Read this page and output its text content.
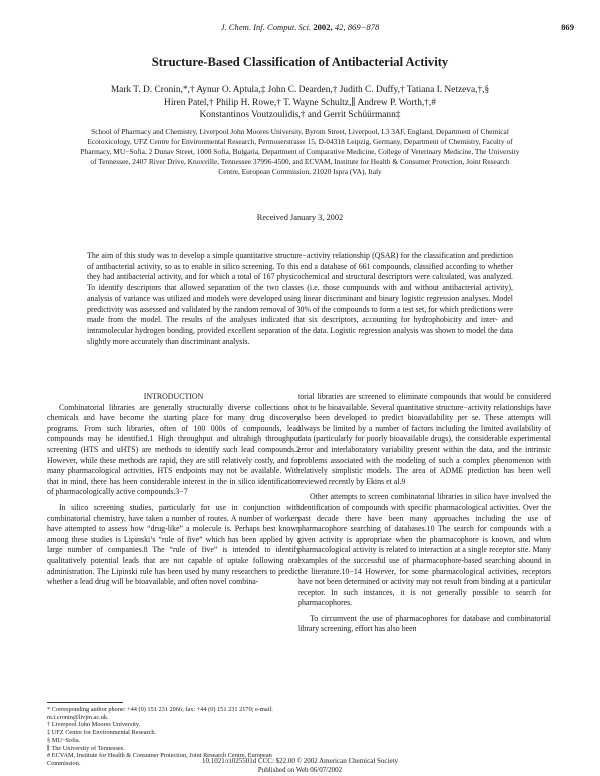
J. Chem. Inf. Comput. Sci. 2002, 42, 869−878	869
Structure-Based Classification of Antibacterial Activity
Mark T. D. Cronin,*,† Aynur O. Aptula,‡ John C. Dearden,† Judith C. Duffy,† Tatiana I. Netzeva,†,§
Hiren Patel,† Philip H. Rowe,† T. Wayne Schultz,∥ Andrew P. Worth,†,#
Konstantinos Voutzoulidis,† and Gerrit Schüürmann‡
School of Pharmacy and Chemistry, Liverpool John Moores University, Byrom Street, Liverpool, L3 3AF, England, Department of Chemical Ecotoxicology, UFZ Centre for Environmental Research, Permoserstrasse 15, D-04318 Leipzig, Germany, Department of Chemistry, Faculty of Pharmacy, MU−Sofia, 2 Dunav Street, 1000 Sofia, Bulgaria, Department of Comparative Medicine, College of Veterinary Medicine, The University of Tennessee, 2407 River Drive, Knoxville, Tennessee 37996-4500, and ECVAM, Institute for Health & Consumer Protection, Joint Research Centre, European Commission, 21020 Ispra (VA), Italy
Received January 3, 2002
The aim of this study was to develop a simple quantitative structure−activity relationship (QSAR) for the classification and prediction of antibacterial activity, so as to enable in silico screening. To this end a database of 661 compounds, classified according to whether they had antibacterial activity, and for which a total of 167 physicochemical and structural descriptors were calculated, was analyzed. To identify descriptors that allowed separation of the two classes (i.e. those compounds with and without antibacterial activity), analysis of variance was utilized and models were developed using linear discriminant and binary logistic regression analyses. Model predictivity was assessed and validated by the random removal of 30% of the compounds to form a test set, for which predictions were made from the model. The results of the analyses indicated that six descriptors, accounting for hydrophobicity and inter- and intramolecular hydrogen bonding, provided excellent separation of the data. Logistic regression analysis was shown to model the data slightly more accurately than discriminant analysis.

INTRODUCTION

Combinatorial libraries are generally structurally diverse collections of chemicals and have become the starting place for many drug discovery programs. From such libraries, often of 100 000s of compounds, lead compounds may be identified.1 High throughput and ultrahigh throughput screening (HTS and uHTS) are methods to identify such lead compounds.2 However, while these methods are rapid, they are still relatively costly, and for many pharmacological activities, HTS endpoints may not be available. With that in mind, there has been considerable interest in the in silico identification of pharmacologically active compounds.3−7

In silico screening studies, particularly for use in conjunction with combinatorial chemistry, have taken a number of routes. A number of workers have attempted to assess how “drug-like” a molecule is. Perhaps best known among these studies is Lipinski’s “rule of five” which has been applied by a large number of companies.8 The “rule of five” is intended to identify qualitatively potential leads that are not capable of uptake following oral administration. The Lipinski rule has been used by many researchers to predict whether a lead drug will be bioavailable, and often novel combina-

torial libraries are screened to eliminate compounds that would be considered not to be bioavailable. Several quantitative structure−activity relationships have also been developed to predict bioavailability per se. These attempts will always be limited by a number of factors including the limited availability of data (particularly for poorly bioavailable drugs), the considerable experimental error and interlaboratory variability present within the data, and the intrinsic problems associated with the modeling of such a complex phenomenon with relatively simplistic models. The area of ADME prediction has been well reviewed recently by Ekins et al.9

Other attempts to screen combinatorial libraries in silico have involved the identification of compounds with specific pharmacological activities. Over the past decade there have been many approaches including the use of pharmacophore searching of databases.10 The search for compounds with a given activity is appropriate when the pharmacophore is known, and when pharmacological activity is related to interaction at a single receptor site. Many examples of the successful use of pharmacophore-based searching abound in the literature.10−14 However, for some pharmacological activities, receptors have not been determined or activity may not result from binding at a particular receptor. In such instances, it is not generally possible to search for pharmacophores.

To circumvent the use of pharmacophores for database and combinatorial library screening, effort has also been

* Corresponding author phone: +44 (0) 151 231 2066; fax: +44 (0) 151 231 2170; e-mail: m.t.cronin@livjm.ac.uk.
† Liverpool John Moores University.
‡ UFZ Centre for Environmental Research.
§ MU−Sofia.
∥ The University of Tennessee.
# ECVAM, Institute for Health & Consumer Protection, Joint Research Centre, European Commission.	10.1021/ci025501d CCC: $22.00 © 2002 American Chemical Society
Published on Web 06/07/2002
